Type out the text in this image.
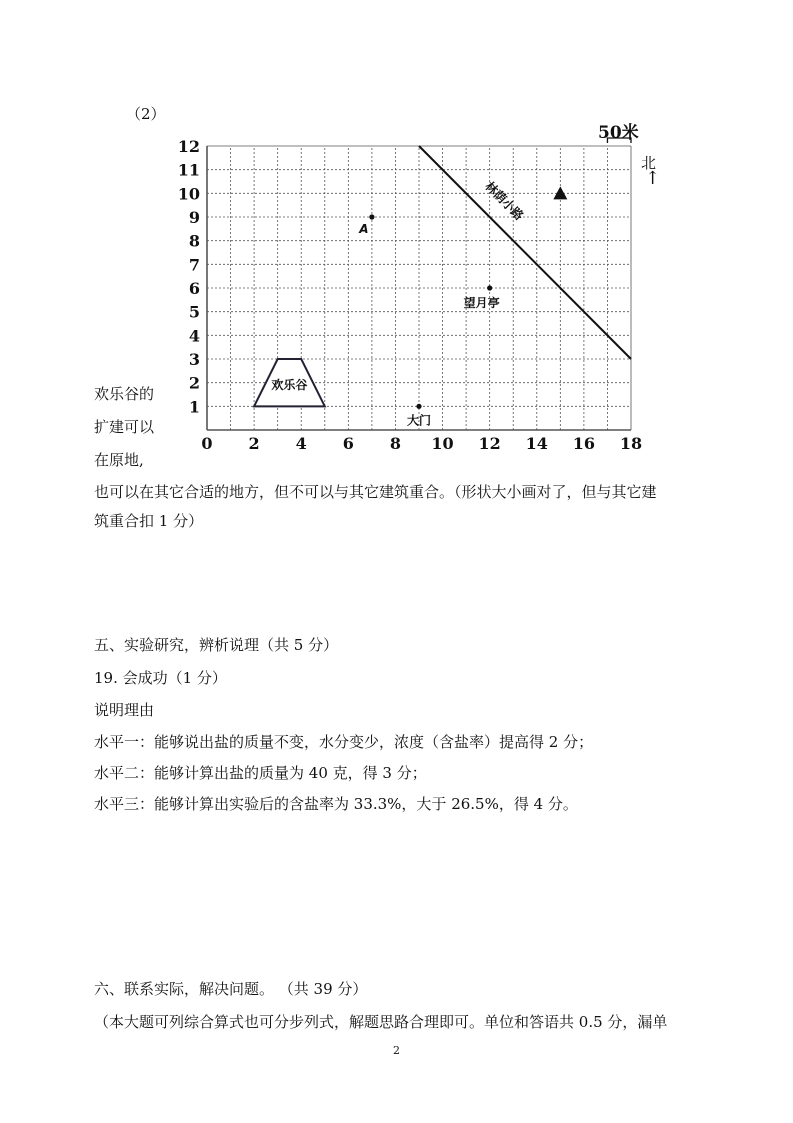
（2）
林荫小路
欢乐谷
A
望月亭
大门
0 2 4 6 8 10 12 14 16 18
1
2
3
4
5
6
7
8
9
10
11
12
50米
北
↑
欢乐谷的
扩建可以
在原地,
也可以在其它合适的地方，但不可以与其它建筑重合。（形状大小画对了，但与其它建
筑重合扣 1 分）
五、实验研究，辨析说理（共 5 分）
19. 会成功（1 分）
说明理由
水平一：能够说出盐的质量不变，水分变少，浓度（含盐率）提高得 2 分；
水平二：能够计算出盐的质量为 40 克，得 3 分；
水平三：能够计算出实验后的含盐率为 33.3%，大于 26.5%，得 4 分。
六、联系实际，解决问题。 （共 39 分）
（本大题可列综合算式也可分步列式，解题思路合理即可。单位和答语共 0.5 分，漏单
2
